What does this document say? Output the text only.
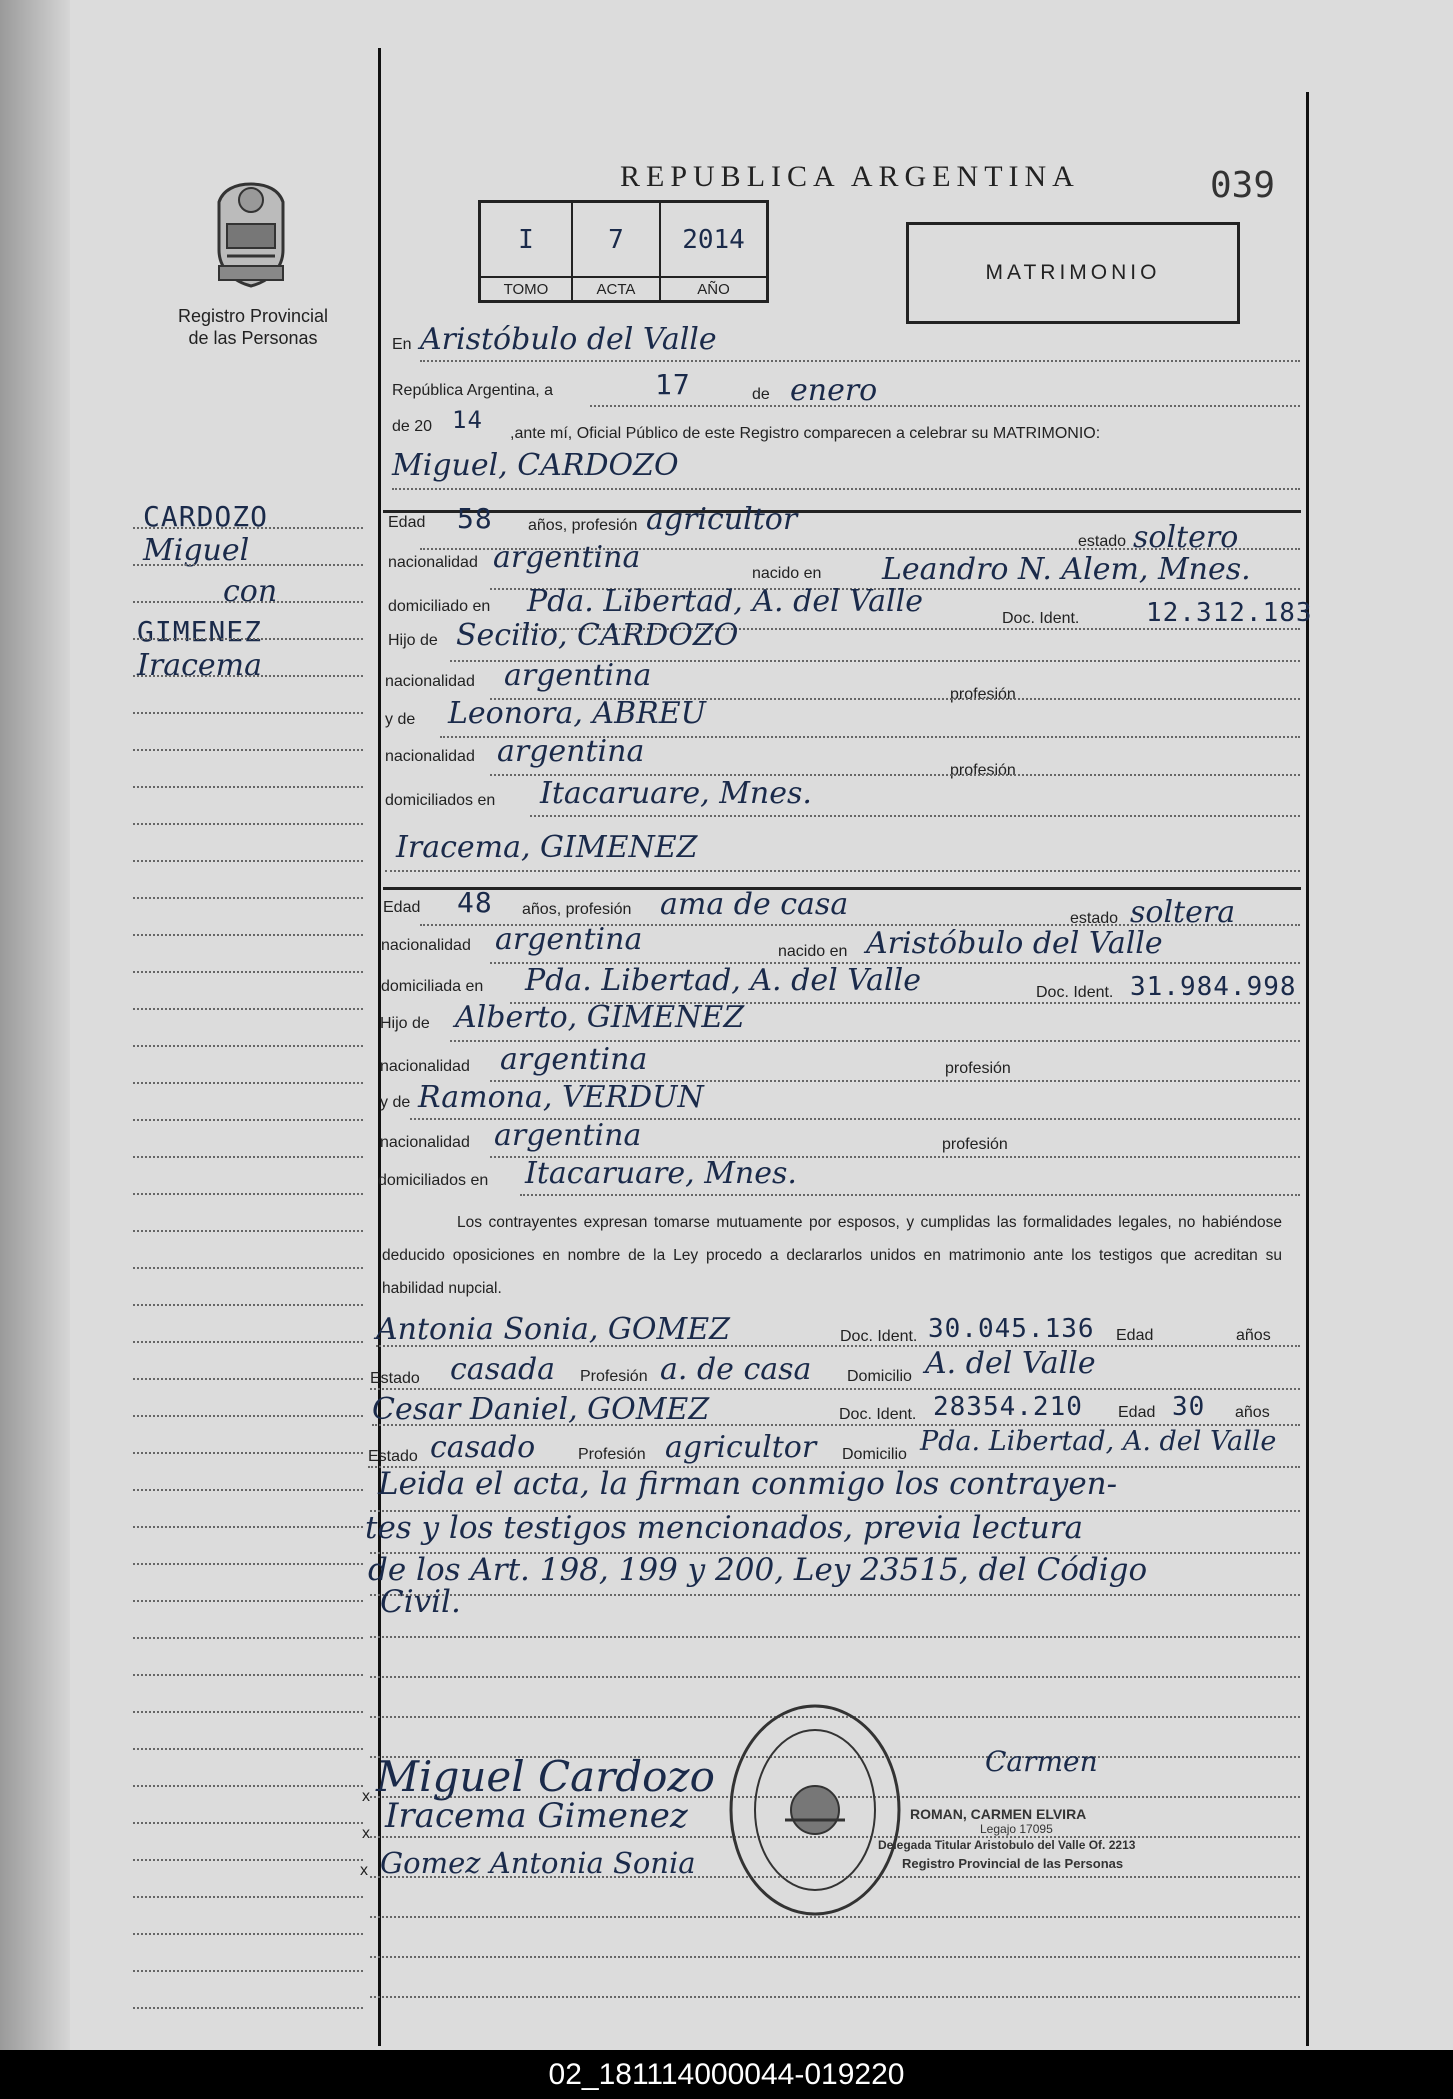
Registro Provincial
de las Personas
REPUBLICA ARGENTINA	039
I	7 2014
TOMO	ACTA	AÑO
MATRIMONIO
CARDOZO
Miguel
con
GIMENEZ
Iracema
En Aristóbulo del Valle
República Argentina, a	17	de enero
de 20 14 ,ante mí, Oficial Público de este Registro comparecen a celebrar su MATRIMONIO:
Miguel, CARDOZO
Edad 58 años, profesión agricultor
estado soltero
nacionalidad argentina	nacido en Leandro N. Alem, Mnes.
domiciliado en Pda. Libertad, A. del Valle	Doc. Ident.	12.312.183
Hijo de Secilio, CARDOZO
nacionalidad argentina
profesión
y de Leonora, ABREU
nacionalidad argentina
profesión
domiciliados en Itacaruare, Mnes.
Iracema, GIMENEZ
Edad 48 años, profesión ama de casa	estado soltera
nacionalidad argentina	nacido en Aristóbulo del Valle
domiciliada en Pda. Libertad, A. del Valle	Doc. Ident. 31.984.998
Hijo de Alberto, GIMENEZ
nacionalidad argentina	profesión
y de Ramona, VERDUN
nacionalidad argentina	profesión
domiciliados en Itacaruare, Mnes.
Los contrayentes expresan tomarse mutuamente por esposos, y cumplidas las formalidades legales, no habiéndose deducido oposiciones en nombre de la Ley procedo a declararlos unidos en matrimonio ante los testigos que acreditan su habilidad nupcial.
Antonia Sonia, GOMEZ	Doc. Ident. 30.045.136 Edad	años
Estado casada Profesión a. de casa Domicilio A. del Valle
Cesar Daniel, GOMEZ	Doc. Ident. 28354.210 Edad 30 años
Estado casado	Profesión agricultor Domicilio Pda. Libertad, A. del Valle
Leida el acta, la firman conmigo los contrayen-
tes y los testigos mencionados, previa lectura
de los Art. 198, 199 y 200, Ley 23515, del Código
Civil.
x Miguel Cardozo
x Iracema Gimenez
x Gomez Antonia Sonia
Carmen
ROMAN, CARMEN ELVIRA
Legajo 17095
Delegada Titular Aristobulo del Valle Of. 2213
Registro Provincial de las Personas
02_181114000044-019220
